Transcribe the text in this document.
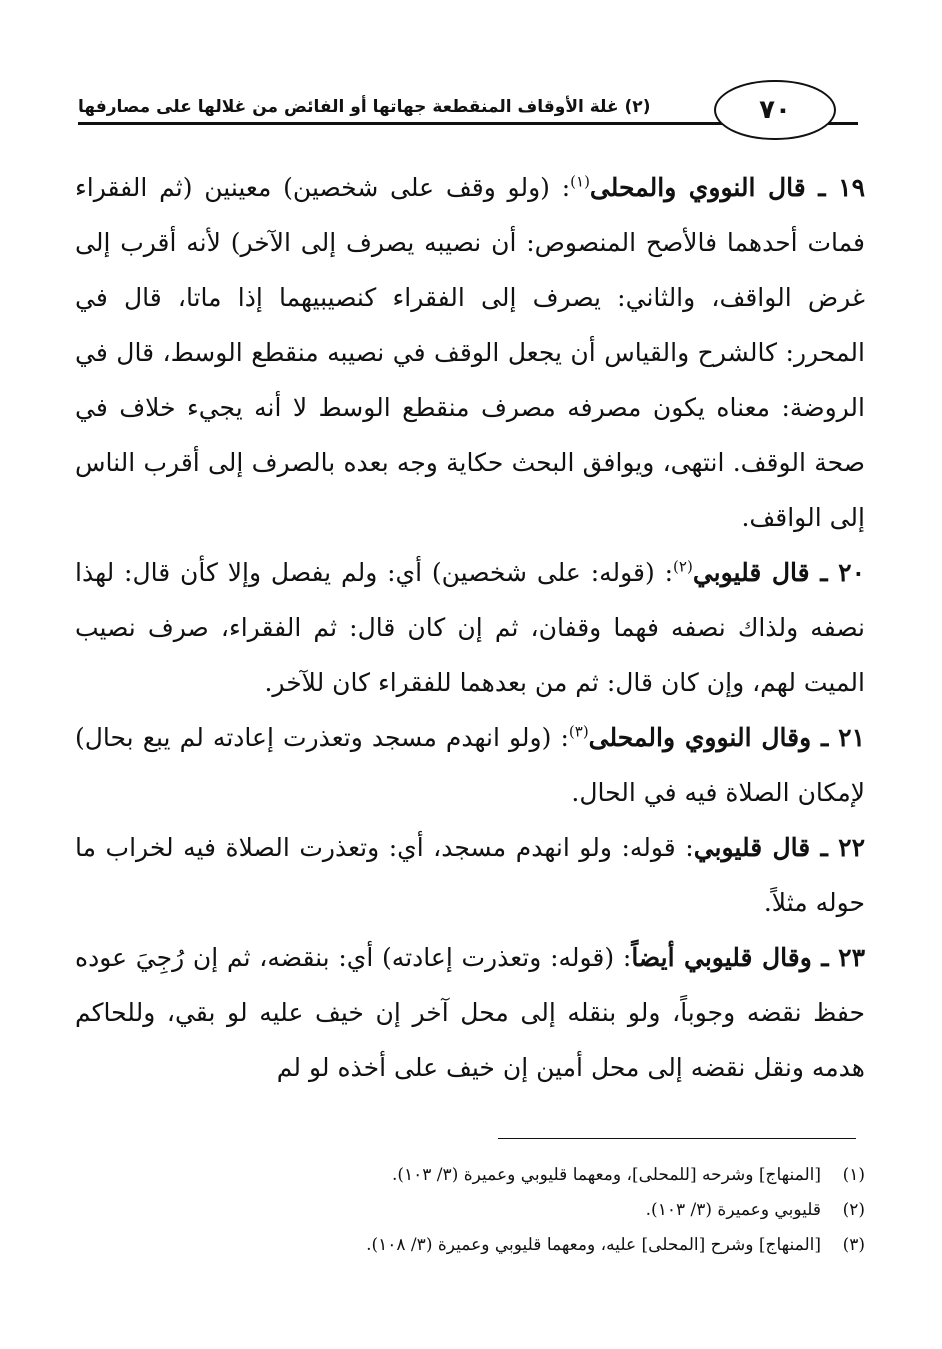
(٢) غلة الأوقاف المنقطعة جهاتها أو الفائض من غلالها على مصارفها	٧٠

١٩ ـ قال النووي والمحلى$^{(١)}$: (ولو وقف على شخصين) معينين (ثم الفقراء فمات أحدهما فالأصح المنصوص: أن نصيبه يصرف إلى الآخر) لأنه أقرب إلى غرض الواقف، والثاني: يصرف إلى الفقراء كنصيبيهما إذا ماتا، قال في المحرر: كالشرح والقياس أن يجعل الوقف في نصيبه منقطع الوسط، قال في الروضة: معناه يكون مصرفه مصرف منقطع الوسط لا أنه يجيء خلاف في صحة الوقف. انتهى، ويوافق البحث حكاية وجه بعده بالصرف إلى أقرب الناس إلى الواقف.

٢٠ ـ قال قليوبي$^{(٢)}$: (قوله: على شخصين) أي: ولم يفصل وإلا كأن قال: لهذا نصفه ولذاك نصفه فهما وقفان، ثم إن كان قال: ثم الفقراء، صرف نصيب الميت لهم، وإن كان قال: ثم من بعدهما للفقراء كان للآخر.

٢١ ـ وقال النووي والمحلى$^{(٣)}$: (ولو انهدم مسجد وتعذرت إعادته لم يبع بحال) لإمكان الصلاة فيه في الحال.

٢٢ ـ قال قليوبي: قوله: ولو انهدم مسجد، أي: وتعذرت الصلاة فيه لخراب ما حوله مثلاً.

٢٣ ـ وقال قليوبي أيضاً: (قوله: وتعذرت إعادته) أي: بنقضه، ثم إن رُجِيَ عوده حفظ نقضه وجوباً، ولو بنقله إلى محل آخر إن خيف عليه لو بقي، وللحاكم هدمه ونقل نقضه إلى محل أمين إن خيف على أخذه لو لم

(١)[المنهاج] وشرحه [للمحلى]، ومعهما قليوبي وعميرة (٣/ ١٠٣).
(٢)قليوبي وعميرة (٣/ ١٠٣).
(٣)[المنهاج] وشرح [المحلى] عليه، ومعهما قليوبي وعميرة (٣/ ١٠٨).
